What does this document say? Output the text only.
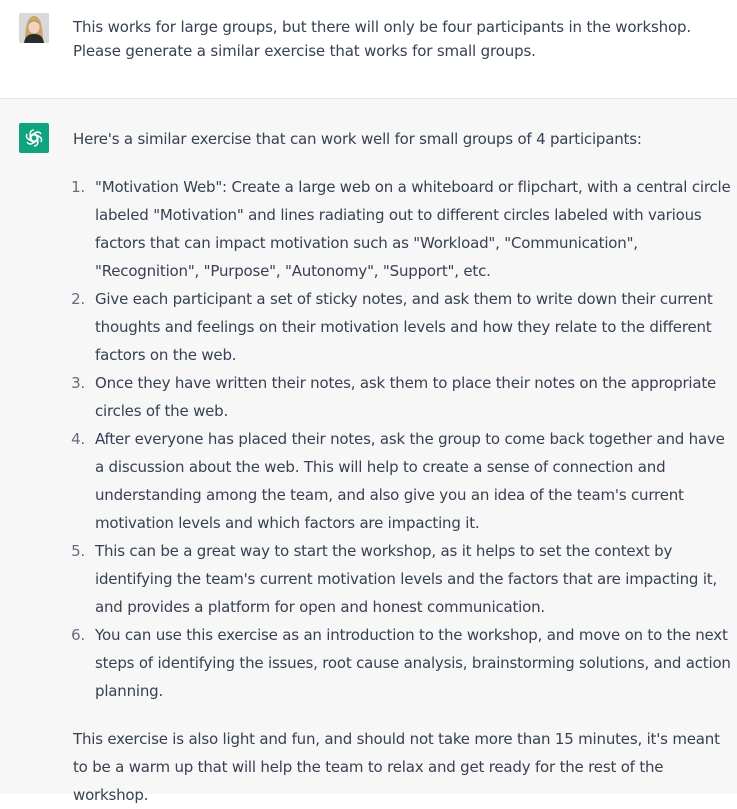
This works for large groups, but there will only be four participants in the workshop. Please generate a similar exercise that works for small groups.

Here's a similar exercise that can work well for small groups of 4 participants:

1. "Motivation Web": Create a large web on a whiteboard or flipchart, with a central circle labeled "Motivation" and lines radiating out to different circles labeled with various factors that can impact motivation such as "Workload", "Communication", "Recognition", "Purpose", "Autonomy", "Support", etc.
2. Give each participant a set of sticky notes, and ask them to write down their current thoughts and feelings on their motivation levels and how they relate to the different factors on the web.
3. Once they have written their notes, ask them to place their notes on the appropriate circles of the web.
4. After everyone has placed their notes, ask the group to come back together and have a discussion about the web. This will help to create a sense of connection and understanding among the team, and also give you an idea of the team's current motivation levels and which factors are impacting it.
5. This can be a great way to start the workshop, as it helps to set the context by identifying the team's current motivation levels and the factors that are impacting it, and provides a platform for open and honest communication.
6. You can use this exercise as an introduction to the workshop, and move on to the next steps of identifying the issues, root cause analysis, brainstorming solutions, and action planning.

This exercise is also light and fun, and should not take more than 15 minutes, it's meant to be a warm up that will help the team to relax and get ready for the rest of the workshop.
